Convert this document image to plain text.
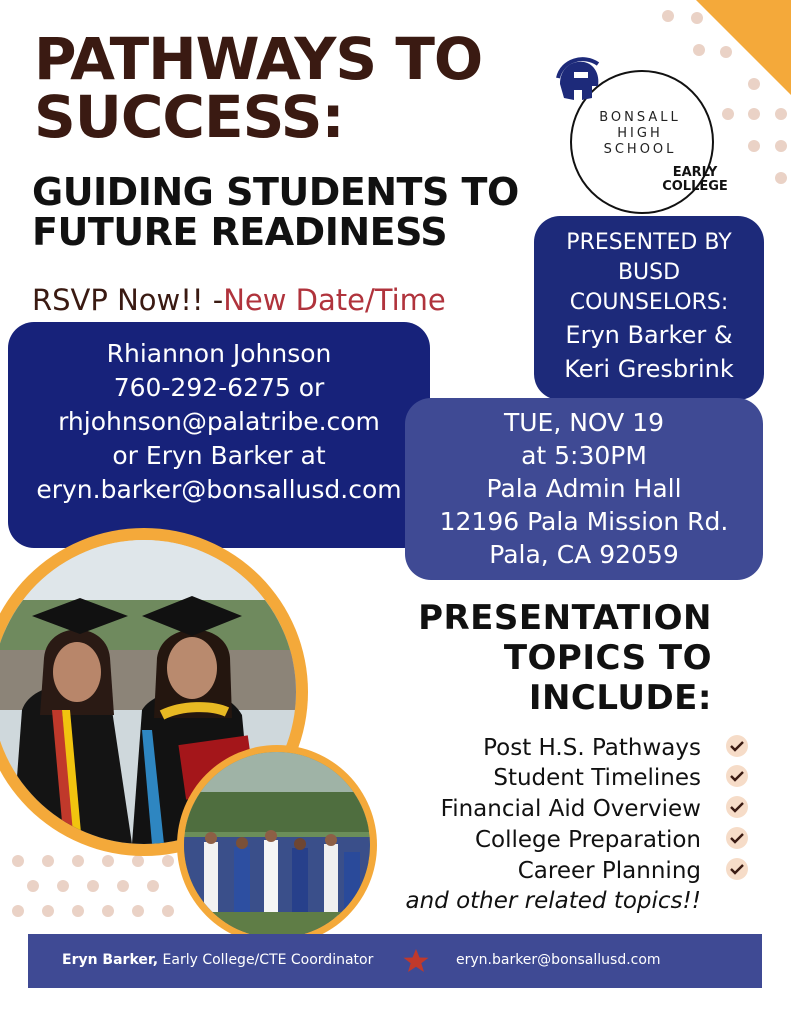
PATHWAYS TO
SUCCESS:
GUIDING STUDENTS TO
FUTURE READINESS
RSVP Now!! -New Date/Time
BONSALL
HIGH
SCHOOL
EARLY
COLLEGE
PRESENTED BY
BUSD
COUNSELORS:
Eryn Barker &
Keri Gresbrink
Rhiannon Johnson
760-292-6275 or
rhjohnson@palatribe.com
or Eryn Barker at
eryn.barker@bonsallusd.com
TUE, NOV 19
at 5:30PM
Pala Admin Hall
12196 Pala Mission Rd.
Pala, CA 92059
PRESENTATION
TOPICS TO
INCLUDE:
Post H.S. Pathways
Student Timelines
Financial Aid Overview
College Preparation
Career Planning
and other related topics!!
Eryn Barker, Early College/CTE Coordinator	eryn.barker@bonsallusd.com
